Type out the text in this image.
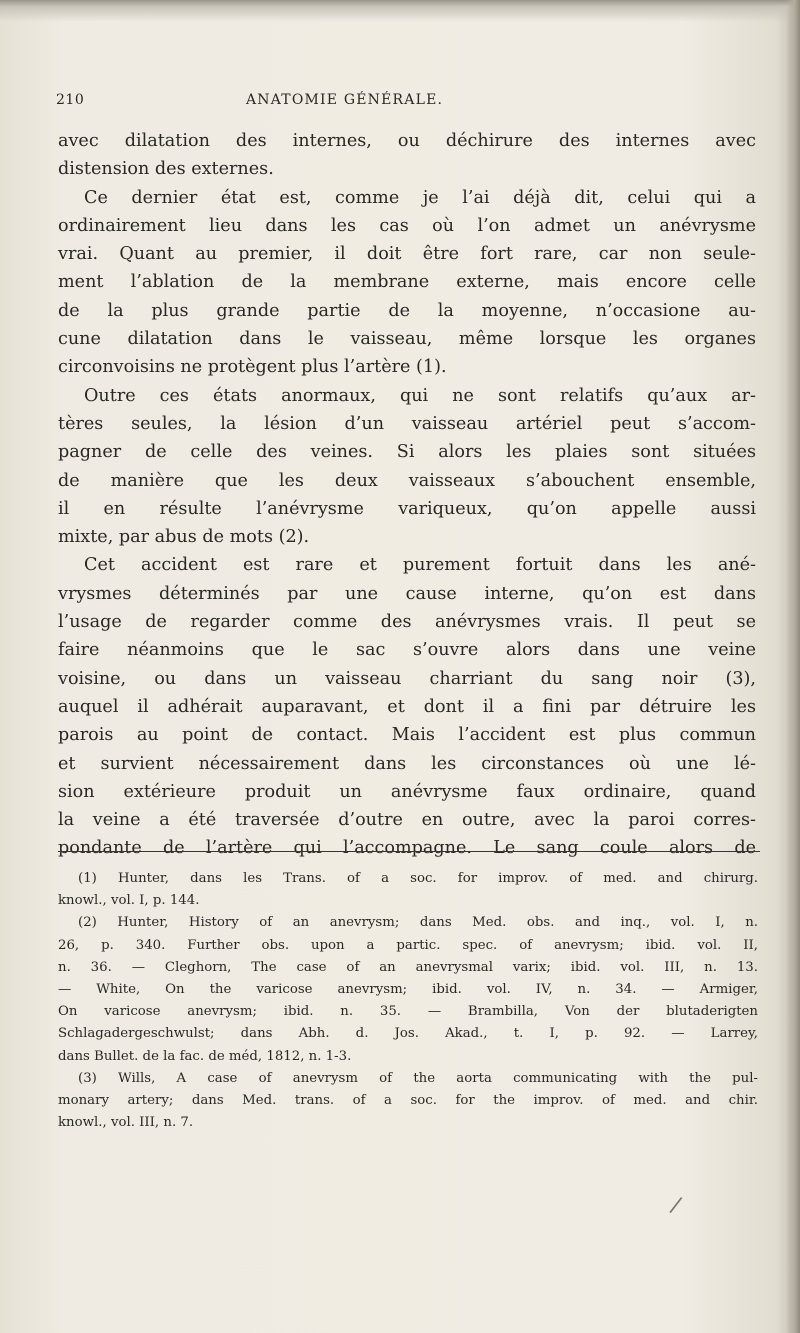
210	ANATOMIE GÉNÉRALE.
avec dilatation des internes, ou déchirure des internes avec
distension des externes.
Ce dernier état est, comme je l’ai déjà dit, celui qui a
ordinairement lieu dans les cas où l’on admet un anévrysme
vrai. Quant au premier, il doit être fort rare, car non seule-
ment l’ablation de la membrane externe, mais encore celle
de la plus grande partie de la moyenne, n’occasione au-
cune dilatation dans le vaisseau, même lorsque les organes
circonvoisins ne protègent plus l’artère (1).
Outre ces états anormaux, qui ne sont relatifs qu’aux ar-
tères seules, la lésion d’un vaisseau artériel peut s’accom-
pagner de celle des veines. Si alors les plaies sont situées
de manière que les deux vaisseaux s’abouchent ensemble,
il en résulte l’anévrysme variqueux, qu’on appelle aussi
mixte, par abus de mots (2).
Cet accident est rare et purement fortuit dans les ané-
vrysmes déterminés par une cause interne, qu’on est dans
l’usage de regarder comme des anévrysmes vrais. Il peut se
faire néanmoins que le sac s’ouvre alors dans une veine
voisine, ou dans un vaisseau charriant du sang noir (3),
auquel il adhérait auparavant, et dont il a fini par détruire les
parois au point de contact. Mais l’accident est plus commun
et survient nécessairement dans les circonstances où une lé-
sion extérieure produit un anévrysme faux ordinaire, quand
la veine a été traversée d’outre en outre, avec la paroi corres-
pondante de l’artère qui l’accompagne. Le sang coule alors de
(1) Hunter, dans les Trans. of a soc. for improv. of med. and chirurg.
knowl., vol. I, p. 144.
(2) Hunter, History of an anevrysm; dans Med. obs. and inq., vol. I, n.
26, p. 340. Further obs. upon a partic. spec. of anevrysm; ibid. vol. II,
n. 36. — Cleghorn, The case of an anevrysmal varix; ibid. vol. III, n. 13.
— White, On the varicose anevrysm; ibid. vol. IV, n. 34. — Armiger,
On varicose anevrysm; ibid. n. 35. — Brambilla, Von der blutaderigten
Schlagadergeschwulst; dans Abh. d. Jos. Akad., t. I, p. 92. — Larrey,
dans Bullet. de la fac. de méd, 1812, n. 1-3.
(3) Wills, A case of anevrysm of the aorta communicating with the pul-
monary artery; dans Med. trans. of a soc. for the improv. of med. and chir.
knowl., vol. III, n. 7.
/
